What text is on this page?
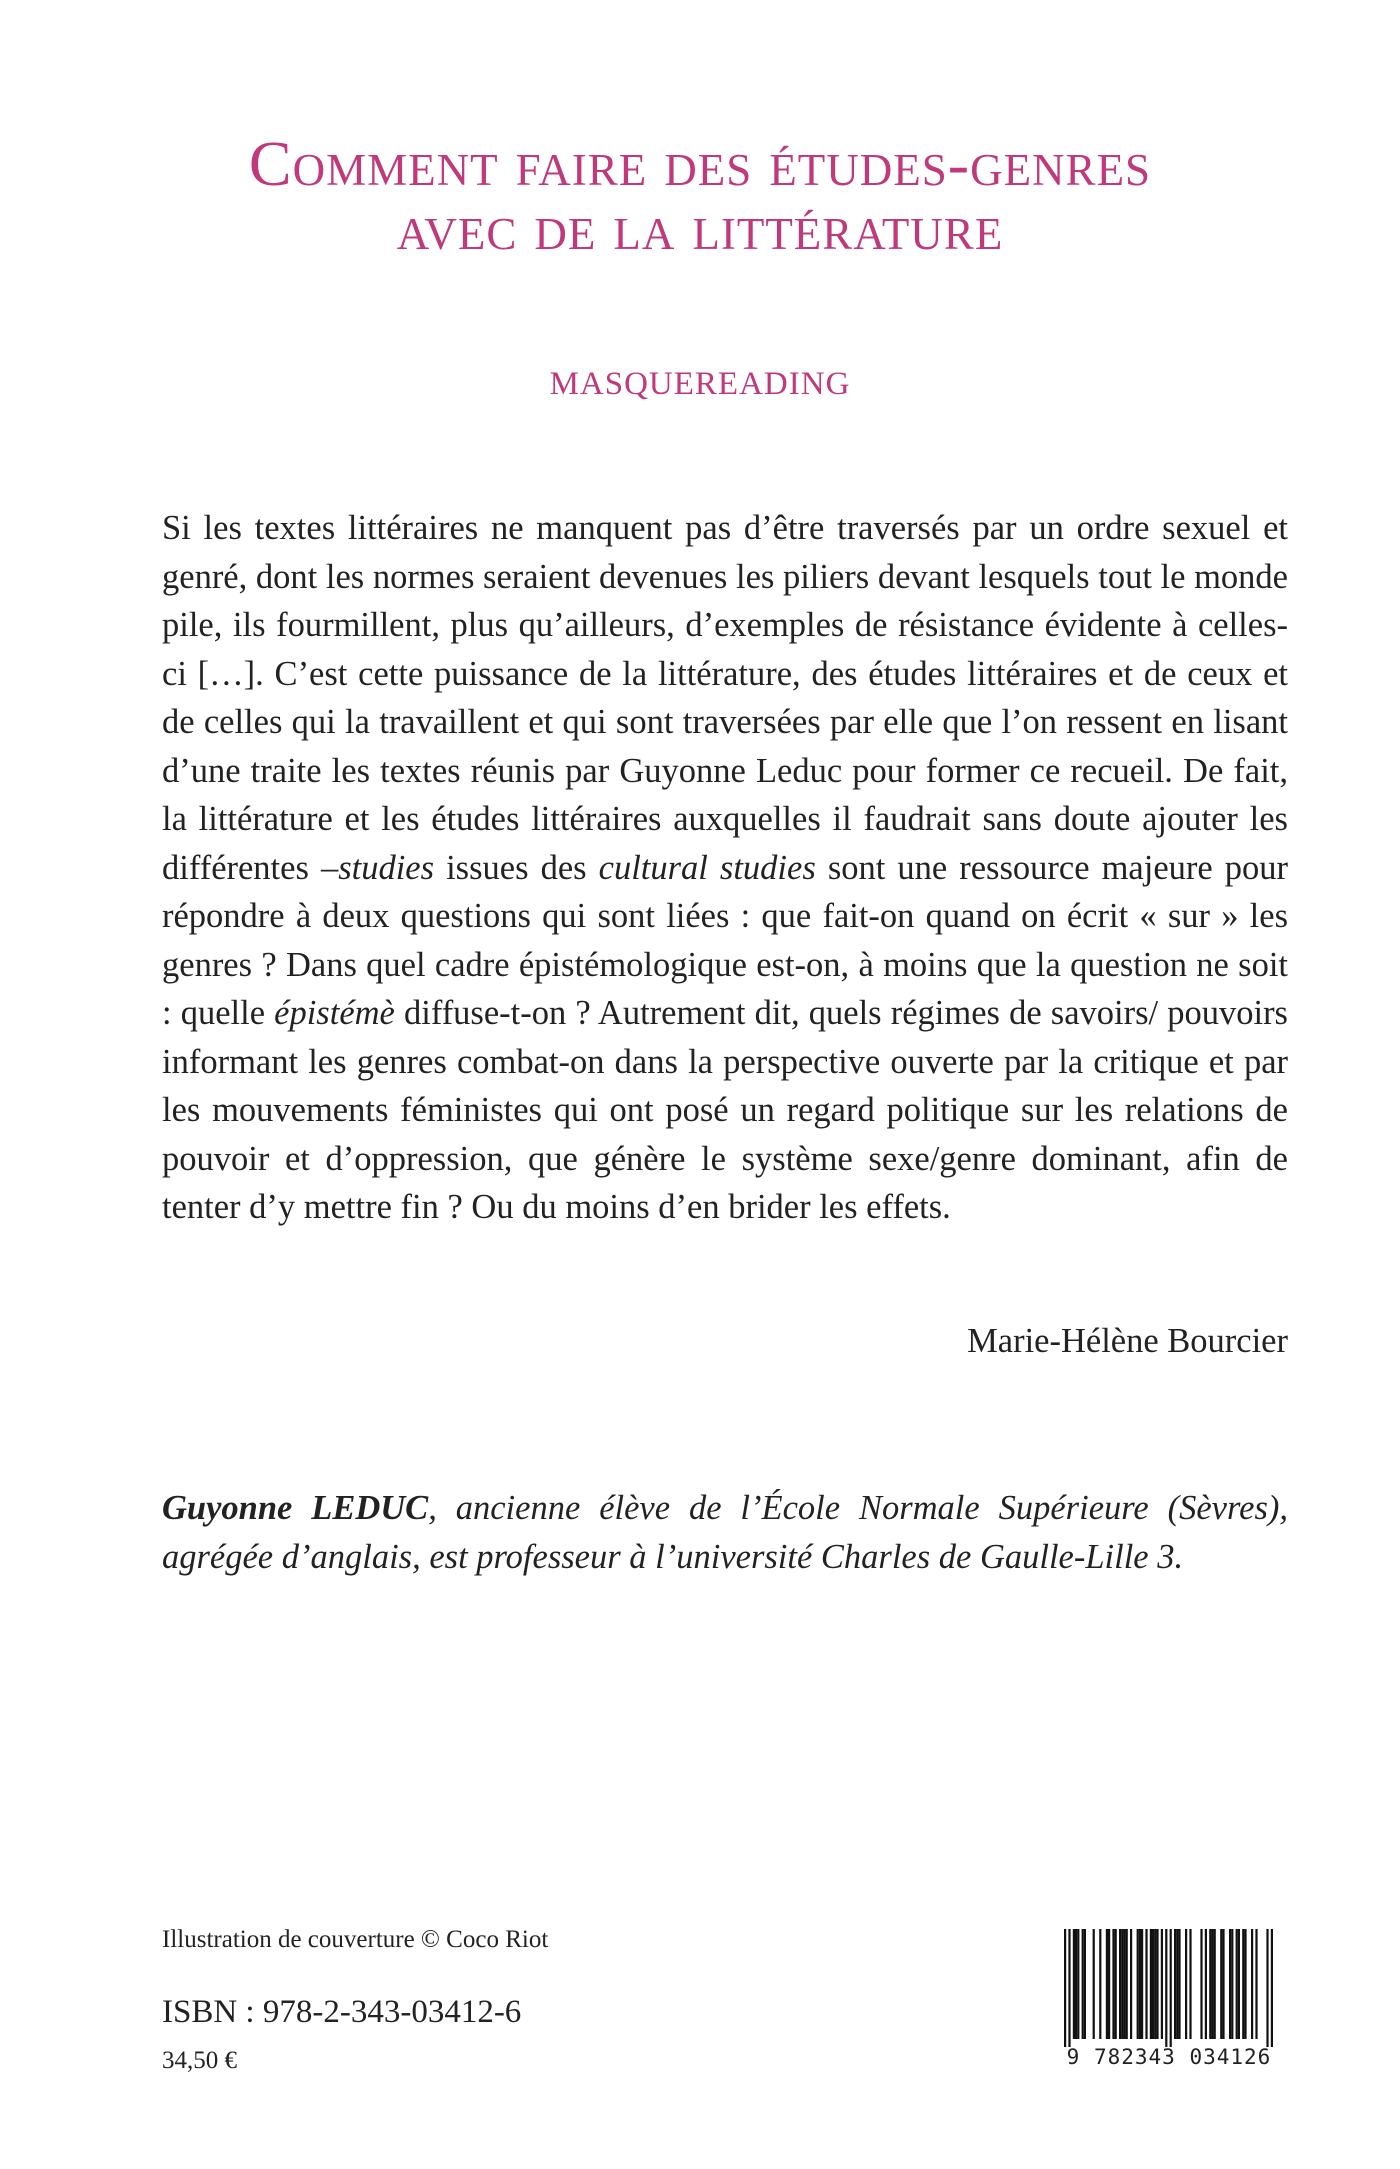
Comment faire des études-genres
avec de la littérature

MASQUEREADING

Si les textes littéraires ne manquent pas d’être traversés par un ordre sexuel et genré, dont les normes seraient devenues les piliers devant lesquels tout le monde pile, ils fourmillent, plus qu’ailleurs, d’exemples de résistance évidente à celles-ci […]. C’est cette puissance de la littérature, des études littéraires et de ceux et de celles qui la travaillent et qui sont traversées par elle que l’on ressent en lisant d’une traite les textes réunis par Guyonne Leduc pour former ce recueil. De fait, la littérature et les études littéraires auxquelles il faudrait sans doute ajouter les différentes –studies issues des cultural studies sont une ressource majeure pour répondre à deux questions qui sont liées : que fait-on quand on écrit « sur » les genres ? Dans quel cadre épistémologique est-on, à moins que la question ne soit : quelle épistémè diffuse-t-on ? Autrement dit, quels régimes de savoirs/ pouvoirs informant les genres combat-on dans la perspective ouverte par la critique et par les mouvements féministes qui ont posé un regard politique sur les relations de pouvoir et d’oppression, que génère le système sexe/genre dominant, afin de tenter d’y mettre fin ? Ou du moins d’en brider les effets.

Marie-Hélène Bourcier

Guyonne LEDUC, ancienne élève de l’École Normale Supérieure (Sèvres), agrégée d’anglais, est professeur à l’université Charles de Gaulle-Lille 3.

Illustration de couverture © Coco Riot

ISBN : 978-2-343-03412-6

34,50 €	9 782343 034126
